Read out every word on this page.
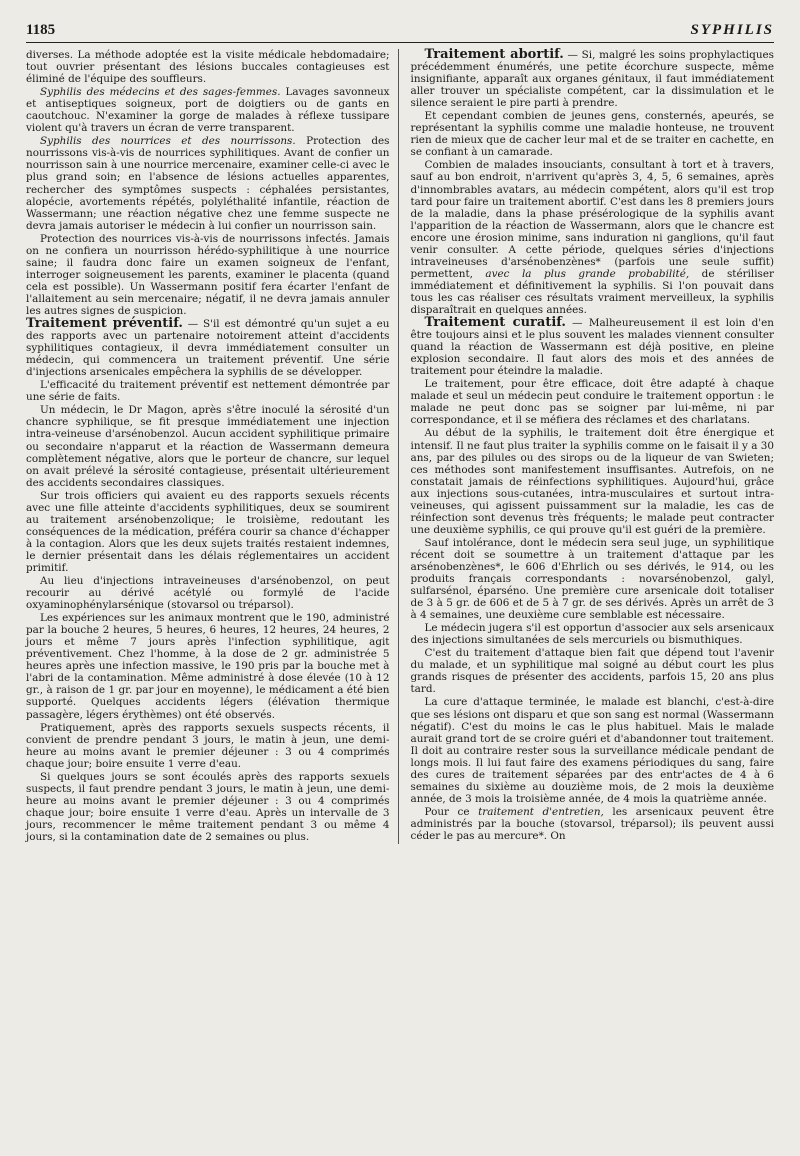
1185	SYPHILIS

diverses. La méthode adoptée est la visite médicale hebdomadaire; tout ouvrier présentant des lésions buccales contagieuses est éliminé de l'équipe des souffleurs.

Syphilis des médecins et des sages-femmes. Lavages savonneux et antiseptiques soigneux, port de doigtiers ou de gants en caoutchouc. N'examiner la gorge de malades à réflexe tussipare violent qu'à travers un écran de verre transparent.

Syphilis des nourrices et des nourrissons. Protection des nourrissons vis-à-vis de nourrices syphilitiques. Avant de confier un nourrisson sain à une nourrice mercenaire, examiner celle-ci avec le plus grand soin; en l'absence de lésions actuelles apparentes, rechercher des symptômes suspects : céphalées persistantes, alopécie, avortements répétés, polyléthalité infantile, réaction de Wassermann; une réaction négative chez une femme suspecte ne devra jamais autoriser le médecin à lui confier un nourrisson sain.

Protection des nourrices vis-à-vis de nourrissons infectés. Jamais on ne confiera un nourrisson hérédo-syphilitique à une nourrice saine; il faudra donc faire un examen soigneux de l'enfant, interroger soigneusement les parents, examiner le placenta (quand cela est possible). Un Wassermann positif fera écarter l'enfant de l'allaitement au sein mercenaire; négatif, il ne devra jamais annuler les autres signes de suspicion.

Traitement préventif. — S'il est démontré qu'un sujet a eu des rapports avec un partenaire notoirement atteint d'accidents syphilitiques contagieux, il devra immédiatement consulter un médecin, qui commencera un traitement préventif. Une série d'injections arsenicales empêchera la syphilis de se développer.

L'efficacité du traitement préventif est nettement démontrée par une série de faits.

Un médecin, le Dr Magon, après s'être inoculé la sérosité d'un chancre syphilique, se fit presque immédiatement une injection intra-veineuse d'arsénobenzol. Aucun accident syphilitique primaire ou secondaire n'apparut et la réaction de Wassermann demeura complètement négative, alors que le porteur de chancre, sur lequel on avait prélevé la sérosité contagieuse, présentait ultérieurement des accidents secondaires classiques.

Sur trois officiers qui avaient eu des rapports sexuels récents avec une fille atteinte d'accidents syphilitiques, deux se soumirent au traitement arsénobenzolique; le troisième, redoutant les conséquences de la médication, préféra courir sa chance d'échapper à la contagion. Alors que les deux sujets traités restaient indemnes, le dernier présentait dans les délais réglementaires un accident primitif.

Au lieu d'injections intraveineuses d'arsénobenzol, on peut recourir au dérivé acétylé ou formylé de l'acide oxyaminophénylarsénique (stovarsol ou tréparsol).

Les expériences sur les animaux montrent que le 190, administré par la bouche 2 heures, 5 heures, 6 heures, 12 heures, 24 heures, 2 jours et même 7 jours après l'infection syphilitique, agit préventivement. Chez l'homme, à la dose de 2 gr. administrée 5 heures après une infection massive, le 190 pris par la bouche met à l'abri de la contamination. Même administré à dose élevée (10 à 12 gr., à raison de 1 gr. par jour en moyenne), le médicament a été bien supporté. Quelques accidents légers (élévation thermique passagère, légers érythèmes) ont été observés.

Pratiquement, après des rapports sexuels suspects récents, il convient de prendre pendant 3 jours, le matin à jeun, une demi-heure au moins avant le premier déjeuner : 3 ou 4 comprimés chaque jour; boire ensuite 1 verre d'eau.

Si quelques jours se sont écoulés après des rapports sexuels suspects, il faut prendre pendant 3 jours, le matin à jeun, une demi-heure au moins avant le premier déjeuner : 3 ou 4 comprimés chaque jour; boire ensuite 1 verre d'eau. Après un intervalle de 3 jours, recommencer le même traitement pendant 3 ou même 4 jours, si la contamination date de 2 semaines ou plus.

Traitement abortif. — Si, malgré les soins prophylactiques précédemment énumérés, une petite écorchure suspecte, même insignifiante, apparaît aux organes génitaux, il faut immédiatement aller trouver un spécialiste compétent, car la dissimulation et le silence seraient le pire parti à prendre.

Et cependant combien de jeunes gens, consternés, apeurés, se représentant la syphilis comme une maladie honteuse, ne trouvent rien de mieux que de cacher leur mal et de se traiter en cachette, en se confiant à un camarade.

Combien de malades insouciants, consultant à tort et à travers, sauf au bon endroit, n'arrivent qu'après 3, 4, 5, 6 semaines, après d'innombrables avatars, au médecin compétent, alors qu'il est trop tard pour faire un traitement abortif. C'est dans les 8 premiers jours de la maladie, dans la phase présérologique de la syphilis avant l'apparition de la réaction de Wassermann, alors que le chancre est encore une érosion minime, sans induration ni ganglions, qu'il faut venir consulter. A cette période, quelques séries d'injections intraveineuses d'arsénobenzènes* (parfois une seule suffit) permettent, avec la plus grande probabilité, de stériliser immédiatement et définitivement la syphilis. Si l'on pouvait dans tous les cas réaliser ces résultats vraiment merveilleux, la syphilis disparaîtrait en quelques années.

Traitement curatif. — Malheureusement il est loin d'en être toujours ainsi et le plus souvent les malades viennent consulter quand la réaction de Wassermann est déjà positive, en pleine explosion secondaire. Il faut alors des mois et des années de traitement pour éteindre la maladie.

Le traitement, pour être efficace, doit être adapté à chaque malade et seul un médecin peut conduire le traitement opportun : le malade ne peut donc pas se soigner par lui-même, ni par correspondance, et il se méfiera des réclames et des charlatans.

Au début de la syphilis, le traitement doit être énergique et intensif. Il ne faut plus traiter la syphilis comme on le faisait il y a 30 ans, par des pilules ou des sirops ou de la liqueur de van Swieten; ces méthodes sont manifestement insuffisantes. Autrefois, on ne constatait jamais de réinfections syphilitiques. Aujourd'hui, grâce aux injections sous-cutanées, intra-musculaires et surtout intra-veineuses, qui agissent puissamment sur la maladie, les cas de réinfection sont devenus très fréquents; le malade peut contracter une deuxième syphilis, ce qui prouve qu'il est guéri de la première.

Sauf intolérance, dont le médecin sera seul juge, un syphilitique récent doit se soumettre à un traitement d'attaque par les arsénobenzènes*, le 606 d'Ehrlich ou ses dérivés, le 914, ou les produits français correspondants : novarsénobenzol, galyl, sulfarsénol, éparséno. Une première cure arsenicale doit totaliser de 3 à 5 gr. de 606 et de 5 à 7 gr. de ses dérivés. Après un arrêt de 3 à 4 semaines, une deuxième cure semblable est nécessaire.

Le médecin jugera s'il est opportun d'associer aux sels arsenicaux des injections simultanées de sels mercuriels ou bismuthiques.

C'est du traitement d'attaque bien fait que dépend tout l'avenir du malade, et un syphilitique mal soigné au début court les plus grands risques de présenter des accidents, parfois 15, 20 ans plus tard.

La cure d'attaque terminée, le malade est blanchi, c'est-à-dire que ses lésions ont disparu et que son sang est normal (Wassermann négatif). C'est du moins le cas le plus habituel. Mais le malade aurait grand tort de se croire guéri et d'abandonner tout traitement. Il doit au contraire rester sous la surveillance médicale pendant de longs mois. Il lui faut faire des examens périodiques du sang, faire des cures de traitement séparées par des entr'actes de 4 à 6 semaines du sixième au douzième mois, de 2 mois la deuxième année, de 3 mois la troisième année, de 4 mois la quatrième année.

Pour ce traitement d'entretien, les arsenicaux peuvent être administrés par la bouche (stovarsol, tréparsol); ils peuvent aussi céder le pas au mercure*. On
